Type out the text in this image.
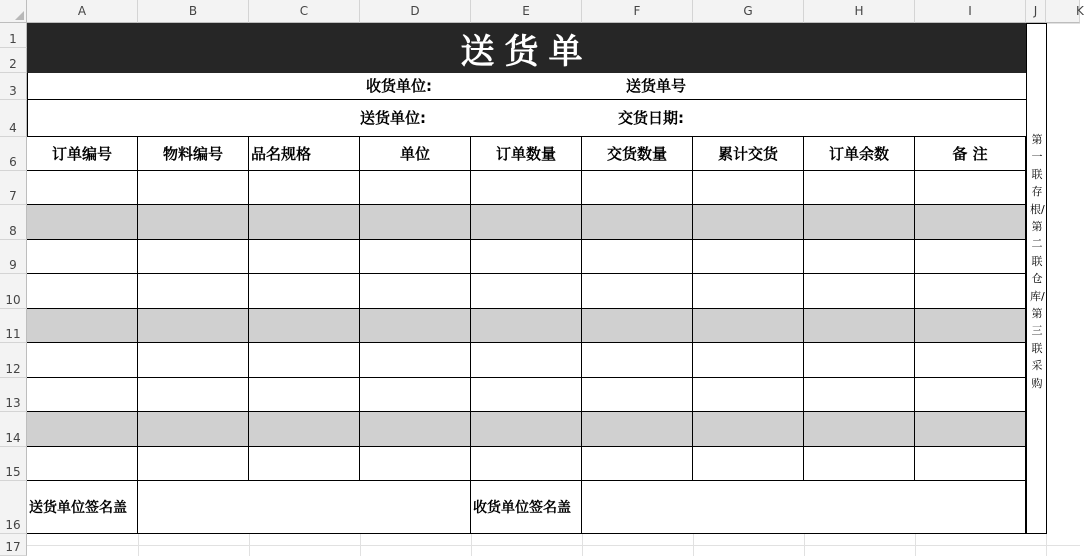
A	B	C	D	E	F	G	H	I	J	K
1
2
3
4
6
7
8
9
10
11
12
13
14
15
16
17
送货单
收货单位:	送货单号
送货单位:	交货日期:
订单编号	物料编号	品名规格	单位	订单数量	交货数量	累计交货	订单余数	备 注
送货单位签名盖	收货单位签名盖
第一联存根/第二联仓库/第三联采购
